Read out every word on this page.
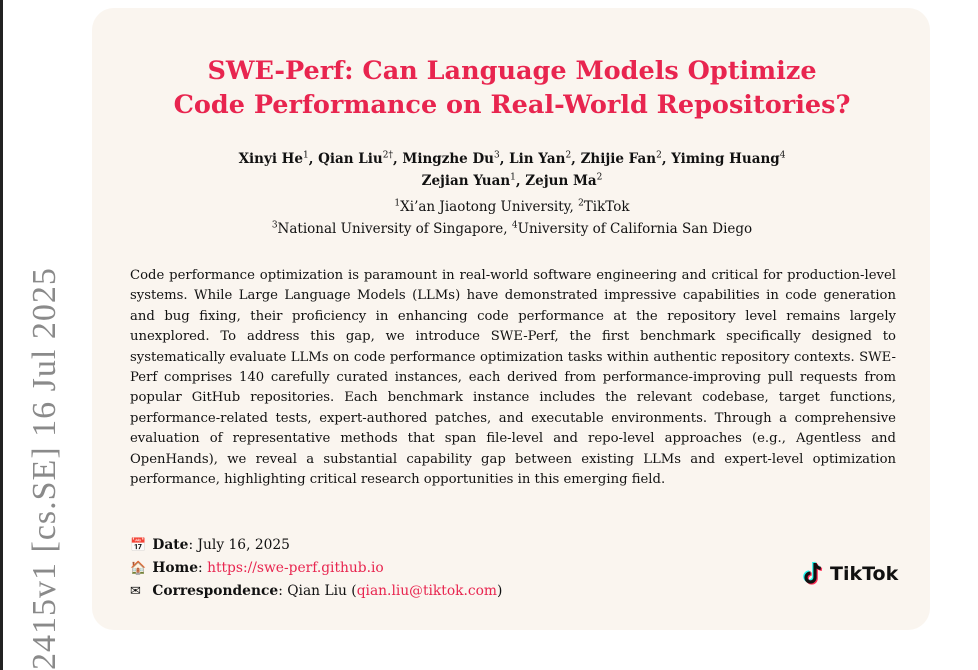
2415v1 [cs.SE] 16 Jul 2025
SWE-Perf: Can Language Models Optimize
Code Performance on Real-World Repositories?
Xinyi He$^1$, Qian Liu$^{2\dagger}$, Mingzhe Du$^3$, Lin Yan$^2$, Zhijie Fan$^2$, Yiming Huang$^4$
Zejian Yuan$^1$, Zejun Ma$^2$
$^1$Xi’an Jiaotong University, $^2$TikTok
$^3$National University of Singapore, $^4$University of California San Diego

Code performance optimization is paramount in real-world software engineering and critical for production-level systems. While Large Language Models (LLMs) have demonstrated impressive capabilities in code generation and bug fixing, their proficiency in enhancing code performance at the repository level remains largely unexplored. To address this gap, we introduce SWE-Perf, the first benchmark specifically designed to systematically evaluate LLMs on code performance optimization tasks within authentic repository contexts. SWE-Perf comprises 140 carefully curated instances, each derived from performance-improving pull requests from popular GitHub repositories. Each benchmark instance includes the relevant codebase, target functions, performance-related tests, expert-authored patches, and executable environments. Through a comprehensive evaluation of representative methods that span file-level and repo-level approaches (e.g., Agentless and OpenHands), we reveal a substantial capability gap between existing LLMs and expert-level optimization performance, highlighting critical research opportunities in this emerging field.

📅 Date: July 16, 2025
🏠 Home: https://swe-perf.github.io
✉ Correspondence: Qian Liu (qian.liu@tiktok.com)
TikTok
